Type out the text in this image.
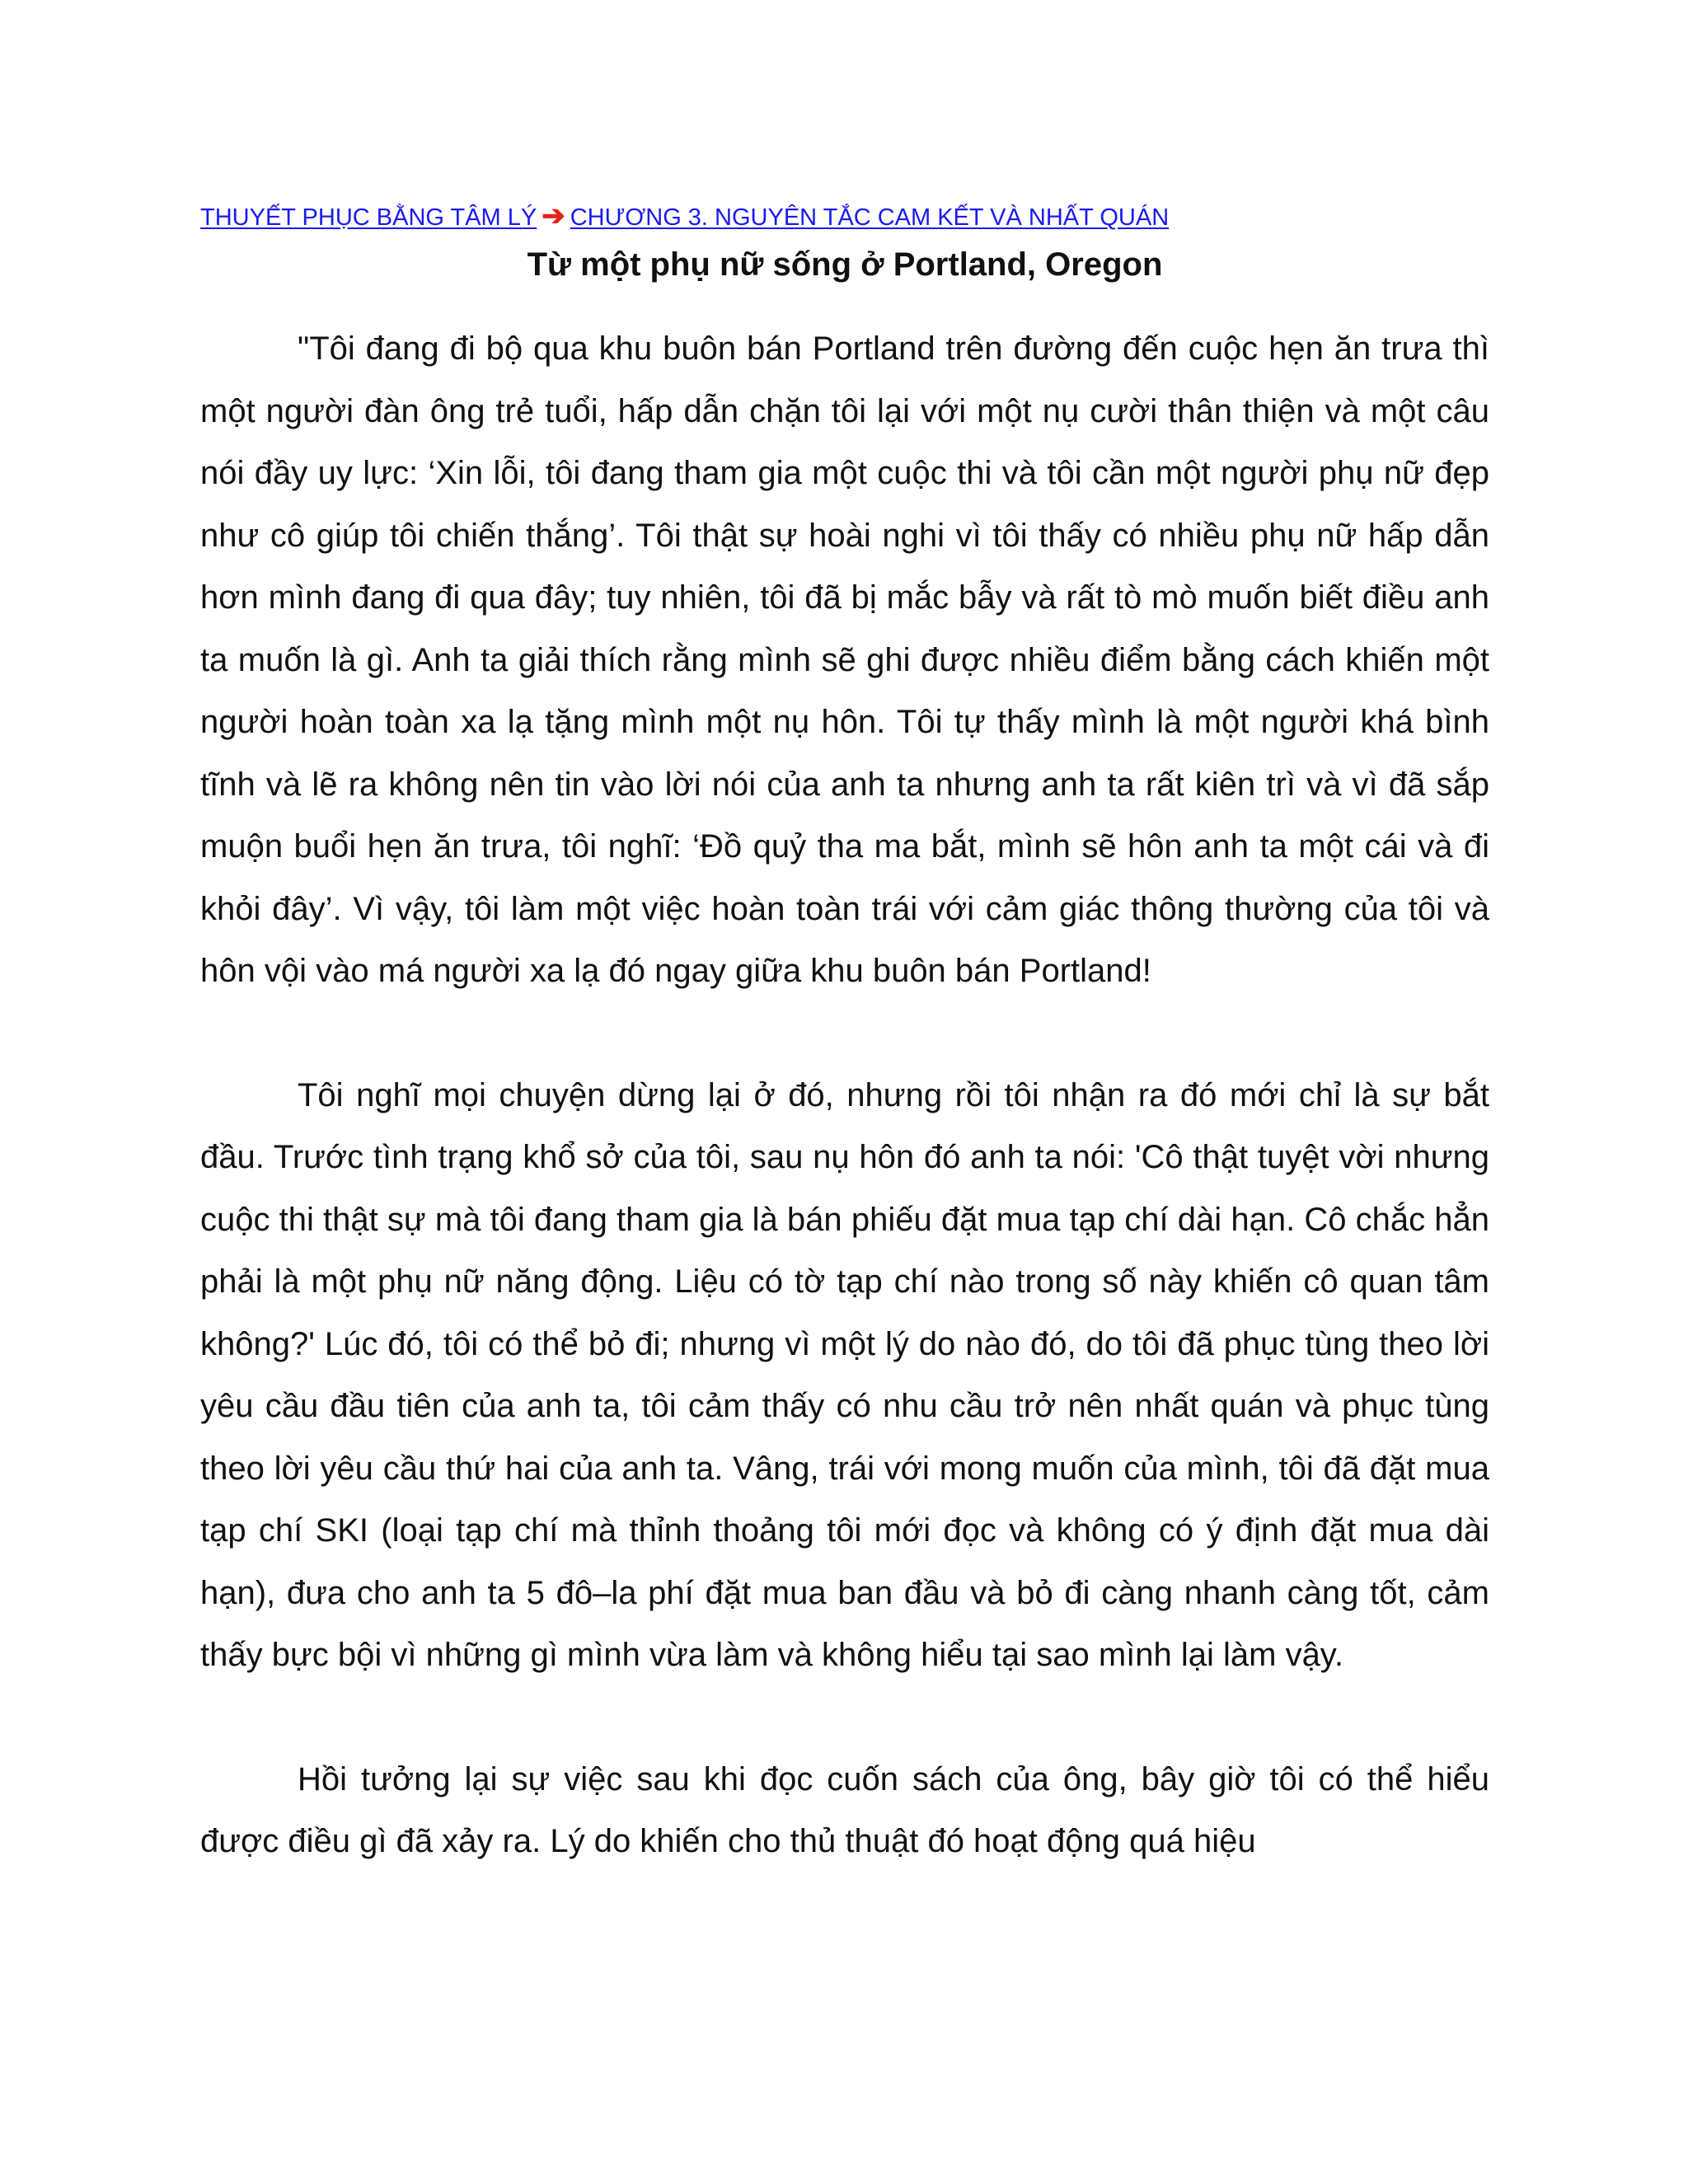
THUYẾT PHỤC BẰNG TÂM LÝ ➔ CHƯƠNG 3. NGUYÊN TẮC CAM KẾT VÀ NHẤT QUÁN
Từ một phụ nữ sống ở Portland, Oregon

"Tôi đang đi bộ qua khu buôn bán Portland trên đường đến cuộc hẹn ăn trưa thì một người đàn ông trẻ tuổi, hấp dẫn chặn tôi lại với một nụ cười thân thiện và một câu nói đầy uy lực: ‘Xin lỗi, tôi đang tham gia một cuộc thi và tôi cần một người phụ nữ đẹp như cô giúp tôi chiến thắng’. Tôi thật sự hoài nghi vì tôi thấy có nhiều phụ nữ hấp dẫn hơn mình đang đi qua đây; tuy nhiên, tôi đã bị mắc bẫy và rất tò mò muốn biết điều anh ta muốn là gì. Anh ta giải thích rằng mình sẽ ghi được nhiều điểm bằng cách khiến một người hoàn toàn xa lạ tặng mình một nụ hôn. Tôi tự thấy mình là một người khá bình tĩnh và lẽ ra không nên tin vào lời nói của anh ta nhưng anh ta rất kiên trì và vì đã sắp muộn buổi hẹn ăn trưa, tôi nghĩ: ‘Đồ quỷ tha ma bắt, mình sẽ hôn anh ta một cái và đi khỏi đây’. Vì vậy, tôi làm một việc hoàn toàn trái với cảm giác thông thường của tôi và hôn vội vào má người xa lạ đó ngay giữa khu buôn bán Portland!

Tôi nghĩ mọi chuyện dừng lại ở đó, nhưng rồi tôi nhận ra đó mới chỉ là sự bắt đầu. Trước tình trạng khổ sở của tôi, sau nụ hôn đó anh ta nói: 'Cô thật tuyệt vời nhưng cuộc thi thật sự mà tôi đang tham gia là bán phiếu đặt mua tạp chí dài hạn. Cô chắc hẳn phải là một phụ nữ năng động. Liệu có tờ tạp chí nào trong số này khiến cô quan tâm không?' Lúc đó, tôi có thể bỏ đi; nhưng vì một lý do nào đó, do tôi đã phục tùng theo lời yêu cầu đầu tiên của anh ta, tôi cảm thấy có nhu cầu trở nên nhất quán và phục tùng theo lời yêu cầu thứ hai của anh ta. Vâng, trái với mong muốn của mình, tôi đã đặt mua tạp chí SKI (loại tạp chí mà thỉnh thoảng tôi mới đọc và không có ý định đặt mua dài hạn), đưa cho anh ta 5 đô–la phí đặt mua ban đầu và bỏ đi càng nhanh càng tốt, cảm thấy bực bội vì những gì mình vừa làm và không hiểu tại sao mình lại làm vậy.

Hồi tưởng lại sự việc sau khi đọc cuốn sách của ông, bây giờ tôi có thể hiểu được điều gì đã xảy ra. Lý do khiến cho thủ thuật đó hoạt động quá hiệu
